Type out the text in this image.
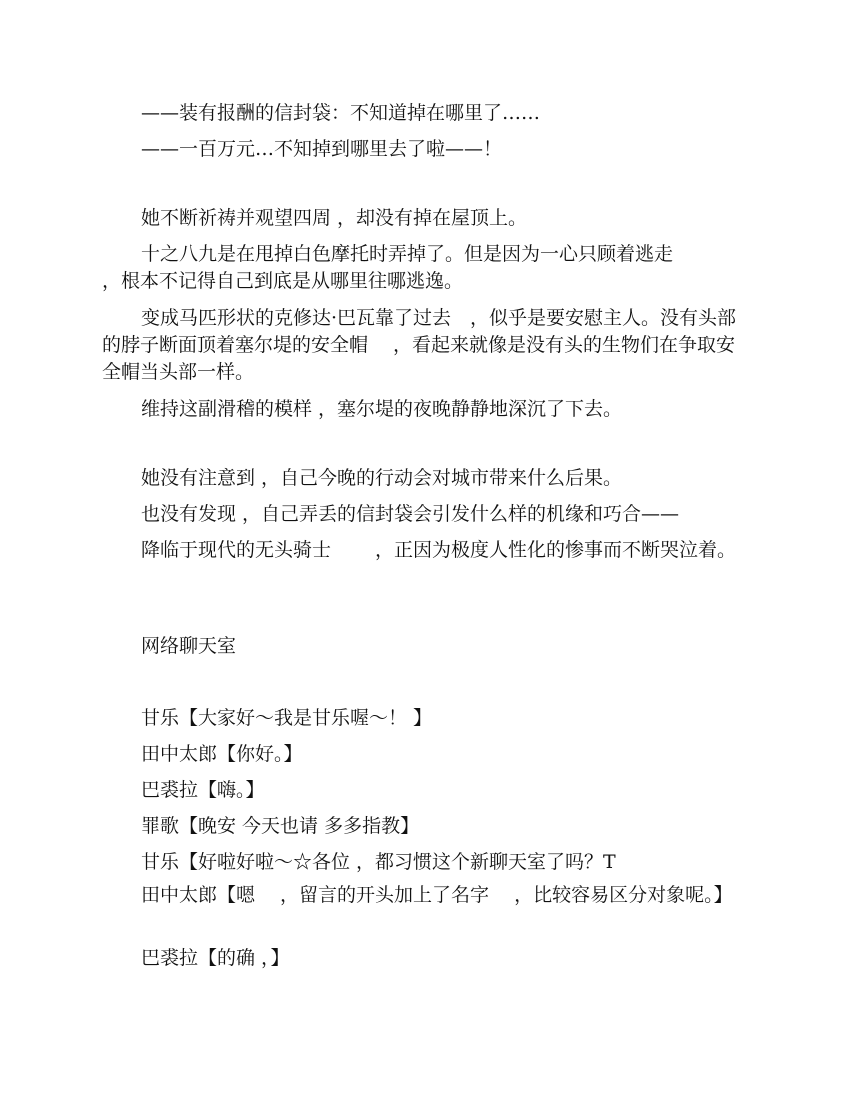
——装有报酬的信封袋：不知道掉在哪里了……

——一百万元…不知掉到哪里去了啦——！

她不断祈祷并观望四周 ，却没有掉在屋顶上。

十之八九是在甩掉白色摩托时弄掉了。但是因为一心只顾着逃走
，根本不记得自己到底是从哪里往哪逃逸。

变成马匹形状的克修达·巴瓦靠了过去　，似乎是要安慰主人。没有头部的脖子断面顶着塞尔堤的安全帽　 ，看起来就像是没有头的生物们在争取安全帽当头部一样。

维持这副滑稽的模样 ，塞尔堤的夜晚静静地深沉了下去。

她没有注意到 ，自己今晚的行动会对城市带来什么后果。

也没有发现 ，自己弄丢的信封袋会引发什么样的机缘和巧合——

降临于现代的无头骑士　　 ，正因为极度人性化的惨事而不断哭泣着。

网络聊天室

甘乐【大家好～我是甘乐喔～！ 】

田中太郎【你好。】

巴裘拉【嗨。】

罪歌【晚安 今天也请 多多指教】

甘乐【好啦好啦～☆各位 ，都习惯这个新聊天室了吗？T

田中太郎【嗯　 ，留言的开头加上了名字　 ，比较容易区分对象呢。】

巴裘拉【的确 ，】
